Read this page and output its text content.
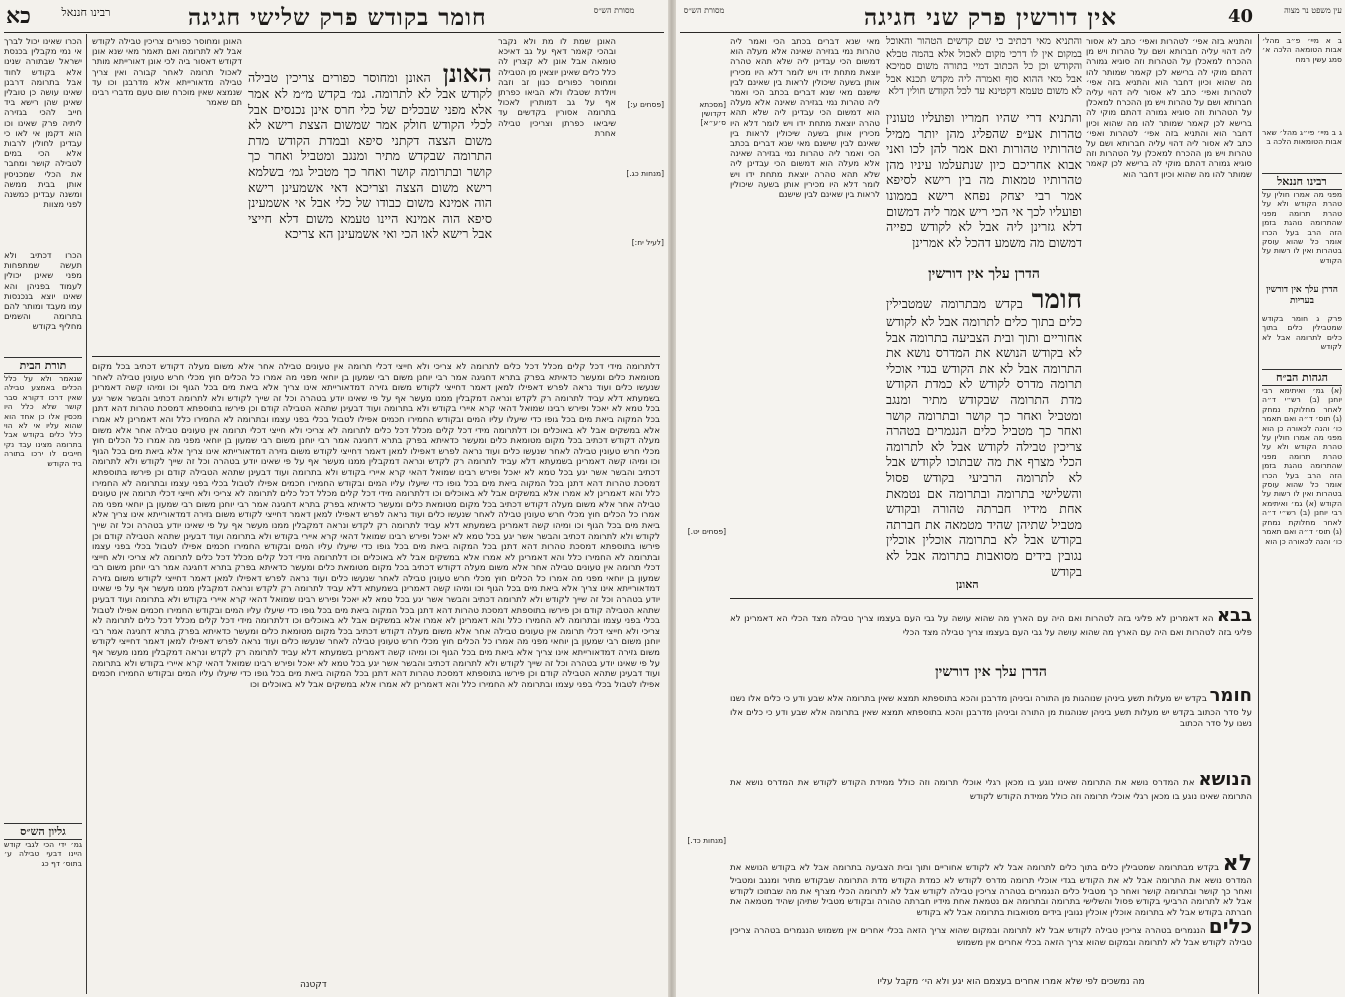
כא	רבינו חננאל	חומר בקודש פרק שלישי חגיגה	מסורת הש״ס
הכרו שאינו יכול לברך אי נמי מקבלין בכנסת ישראל שבתורה שנינו אלא בקודש לחוד אבל בתרומה דרבנן שאינו עושה כן טובלין שאינן שהן רישא ביד חייב להכי בגזירה ליתיה פרק שאינו וכו הוא דקמן אי לאו כי עבדינן לחולין לרבות אלא הכי במים לטבילה קושר ומחבר את הכלי שמכניסין אותן בבית ממשה ומשנה עבדינן כמשנה לפני מצוות
הכרו דכתיב ולא תעשה שמתפחות מפני שאינן יכולין לעמוד בפניהן והא שאינו יוצא בנכנסות עמו מעבד ומותר להם בתרומה והשמים מחליף בקודש
תורת הבית
שנאמר ולא על כלל הכלים באמצע טבילה שאין דרכו דקורא סבר קושר שלא כלל היו מכסין אלו כן אחד הוא שהוא עליו אי לא הוי כלל כלים בקודש אבל בתרומה מצינו עבד נקי חייבים לו ירכו בתורה ביד הקודש
גליון הש״ס
גמ׳ ידי הכי לגבי קודש היינו דבעי טבילה ע׳ בתוס׳ דף כג
האונן ומחוסר כפורים צריכין טבילה לקודש אבל לא לתרומה ואם תאמר מאי שנא אונן דקודש דאסור ביה לכי אונן דאורייתא מותר לאכול תרומה לאחר קבורה ואין צריך טבילה מדאורייתא אלא מדרבנן וכו עד שנמצא שאין מוכרח שום טעם מדברי רבינו תם שאמר
האונן האונן ומחוסר כפורים צריכין טבילה לקודש אבל לא לתרומה. גמ׳ בקדש מ״מ לא אמר אלא מפני שבכלים של כלי חרס אינן נכנסים אבל לכלי הקודש חולק אמר שמשום הצצת רישא לא משום הצצה דקתני סיפא ובמדת הקודש מדת התרומה שבקדש מתיר ומנגב ומטביל ואחר כך קושר ובתרומה קושר ואחר כך מטביל גמ׳ בשלמא רישא משום הצצה וצריכא דאי אשמעינן רישא הוה אמינא משום כבודו של כלי אבל אי אשמעינן סיפא הוה אמינא היינו טעמא משום דלא חייצי אבל רישא לאו הכי ואי אשמעינן הא צריכא
האונן שמת לו מת ולא נקבר ובהכי קאמר דאף על גב דאיכא טומאה אבל אונן לא קצרין לה כלל כלים שאינן יוצאין מן הטבילה ומחוסר כפורים כגון זב וזבה ויולדת שטבלו ולא הביאו כפרתן אף על גב דמותרין לאכול בתרומה אסורין בקדשים עד שיביאו כפרתן וצריכין טבילה אחרת
[פסחים ע:]
[מנחות כג.]
[לעיל יח:]
דלתרומה מידי דכל קלים מכלל דכל כלים לתרומה לא צריכי ולא חייצי דכלי תרומה אין טעונים טבילה אחר אלא משום מעלה דקודש דכתיב בכל מקום מטומאת כלים ומעשר כדאיתא בפרק בתרא דחגיגה אמר רבי יוחנן משום רבי שמעון בן יוחאי מפני מה אמרו כל הכלים חוץ מכלי חרש טעונין טבילה לאחר שנעשו כלים ועוד נראה לפרש דאפילו למאן דאמר דחייצי לקודש משום גזירה דמדאורייתא אינו צריך אלא ביאת מים בכל הגוף וכו ומיהו קשה דאמרינן בשמעתא דלא עביד לתרומה רק לקדש ונראה דמקבלין ממנו מעשר אף על פי שאינו יודע בטהרה וכל זה שייך לקודש ולא לתרומה דכתיב והבשר אשר יגע בכל טמא לא יאכל ופירש רבינו שמואל דהאי קרא איירי בקודש ולא בתרומה ועוד דבעינן שתהא הטבילה קודם וכן פירשו בתוספתא דמסכת טהרות דהא דתנן בכל המקוה ביאת מים בכל גופו כדי שיעלו עליו המים ובקודש החמירו חכמים אפילו לטבול בכלי בפני עצמו ובתרומה לא החמירו כלל והא דאמרינן לא אמרו אלא במשקים אבל לא באוכלים וכו דלתרומה מידי דכל קלים מכלל דכל כלים לתרומה לא צריכי ולא חייצי דכלי תרומה אין טעונים טבילה אחר אלא משום מעלה דקודש דכתיב בכל מקום מטומאת כלים ומעשר כדאיתא בפרק בתרא דחגיגה אמר רבי יוחנן משום רבי שמעון בן יוחאי מפני מה אמרו כל הכלים חוץ מכלי חרש טעונין טבילה לאחר שנעשו כלים ועוד נראה לפרש דאפילו למאן דאמר דחייצי לקודש משום גזירה דמדאורייתא אינו צריך אלא ביאת מים בכל הגוף וכו ומיהו קשה דאמרינן בשמעתא דלא עביד לתרומה רק לקדש ונראה דמקבלין ממנו מעשר אף על פי שאינו יודע בטהרה וכל זה שייך לקודש ולא לתרומה דכתיב והבשר אשר יגע בכל טמא לא יאכל ופירש רבינו שמואל דהאי קרא איירי בקודש ולא בתרומה ועוד דבעינן שתהא הטבילה קודם וכן פירשו בתוספתא דמסכת טהרות דהא דתנן בכל המקוה ביאת מים בכל גופו כדי שיעלו עליו המים ובקודש החמירו חכמים אפילו לטבול בכלי בפני עצמו ובתרומה לא החמירו כלל והא דאמרינן לא אמרו אלא במשקים אבל לא באוכלים וכו דלתרומה מידי דכל קלים מכלל דכל כלים לתרומה לא צריכי ולא חייצי דכלי תרומה אין טעונים טבילה אחר אלא משום מעלה דקודש דכתיב בכל מקום מטומאת כלים ומעשר כדאיתא בפרק בתרא דחגיגה אמר רבי יוחנן משום רבי שמעון בן יוחאי מפני מה אמרו כל הכלים חוץ מכלי חרש טעונין טבילה לאחר שנעשו כלים ועוד נראה לפרש דאפילו למאן דאמר דחייצי לקודש משום גזירה דמדאורייתא אינו צריך אלא ביאת מים בכל הגוף וכו ומיהו קשה דאמרינן בשמעתא דלא עביד לתרומה רק לקדש ונראה דמקבלין ממנו מעשר אף על פי שאינו יודע בטהרה וכל זה שייך לקודש ולא לתרומה דכתיב והבשר אשר יגע בכל טמא לא יאכל ופירש רבינו שמואל דהאי קרא איירי בקודש ולא בתרומה ועוד דבעינן שתהא הטבילה קודם וכן פירשו בתוספתא דמסכת טהרות דהא דתנן בכל המקוה ביאת מים בכל גופו כדי שיעלו עליו המים ובקודש החמירו חכמים אפילו לטבול בכלי בפני עצמו ובתרומה לא החמירו כלל והא דאמרינן לא אמרו אלא במשקים אבל לא באוכלים וכו דלתרומה מידי דכל קלים מכלל דכל כלים לתרומה לא צריכי ולא חייצי דכלי תרומה אין טעונים טבילה אחר אלא משום מעלה דקודש דכתיב בכל מקום מטומאת כלים ומעשר כדאיתא בפרק בתרא דחגיגה אמר רבי יוחנן משום רבי שמעון בן יוחאי מפני מה אמרו כל הכלים חוץ מכלי חרש טעונין טבילה לאחר שנעשו כלים ועוד נראה לפרש דאפילו למאן דאמר דחייצי לקודש משום גזירה דמדאורייתא אינו צריך אלא ביאת מים בכל הגוף וכו ומיהו קשה דאמרינן בשמעתא דלא עביד לתרומה רק לקדש ונראה דמקבלין ממנו מעשר אף על פי שאינו יודע בטהרה וכל זה שייך לקודש ולא לתרומה דכתיב והבשר אשר יגע בכל טמא לא יאכל ופירש רבינו שמואל דהאי קרא איירי בקודש ולא בתרומה ועוד דבעינן שתהא הטבילה קודם וכן פירשו בתוספתא דמסכת טהרות דהא דתנן בכל המקוה ביאת מים בכל גופו כדי שיעלו עליו המים ובקודש החמירו חכמים אפילו לטבול בכלי בפני עצמו ובתרומה לא החמירו כלל והא דאמרינן לא אמרו אלא במשקים אבל לא באוכלים וכו דלתרומה מידי דכל קלים מכלל דכל כלים לתרומה לא צריכי ולא חייצי דכלי תרומה אין טעונים טבילה אחר אלא משום מעלה דקודש דכתיב בכל מקום מטומאת כלים ומעשר כדאיתא בפרק בתרא דחגיגה אמר רבי יוחנן משום רבי שמעון בן יוחאי מפני מה אמרו כל הכלים חוץ מכלי חרש טעונין טבילה לאחר שנעשו כלים ועוד נראה לפרש דאפילו למאן דאמר דחייצי לקודש משום גזירה דמדאורייתא אינו צריך אלא ביאת מים בכל הגוף וכו ומיהו קשה דאמרינן בשמעתא דלא עביד לתרומה רק לקדש ונראה דמקבלין ממנו מעשר אף על פי שאינו יודע בטהרה וכל זה שייך לקודש ולא לתרומה דכתיב והבשר אשר יגע בכל טמא לא יאכל ופירש רבינו שמואל דהאי קרא איירי בקודש ולא בתרומה ועוד דבעינן שתהא הטבילה קודם וכן פירשו בתוספתא דמסכת טהרות דהא דתנן בכל המקוה ביאת מים בכל גופו כדי שיעלו עליו המים ובקודש החמירו חכמים אפילו לטבול בכלי בפני עצמו ובתרומה לא החמירו כלל והא דאמרינן לא אמרו אלא במשקים אבל לא באוכלים וכו
דקטנה
מסורת הש״ס	אין דורשין פרק שני חגיגה	40	עין משפט נר מצוה
ב א מיי׳ פ״ב מהל׳ אבות הטומאה הלכה א׳ סמג עשין רמח
ג ב מיי׳ פי״ג מהל׳ שאר אבות הטומאות הלכה ב
רבינו חננאל
מפני מה אמרו חולין על טהרת הקודש ולא על טהרת תרומה מפני שהתרומה נוהגת בזמן הזה הרב בעל הכרו אומר כל שהוא עוסק בטהרות ואין לו רשות על הקודש
הדרן עלך אין דורשין בעריות
פרק ג חומר בקודש שמטבילין כלים בתוך כלים לתרומה אבל לא לקודש
הגהות הב״ח
(א) גמ׳ ואיתימא רבי יוחנן (ב) רש״י ד״ה לאחר מחלוקת נמחק (ג) תוס׳ ד״ה ואם תאמר כו׳ והנה לכאורה כן הוא מפני מה אמרו חולין על טהרת הקודש ולא על טהרת תרומה מפני שהתרומה נוהגת בזמן הזה הרב בעל הכרו אומר כל שהוא עוסק בטהרות ואין לו רשות על הקודש (א) גמ׳ ואיתימא רבי יוחנן (ב) רש״י ד״ה לאחר מחלוקת נמחק (ג) תוס׳ ד״ה ואם תאמר כו׳ והנה לכאורה כן הוא
והתניא בזה אפי׳ לטהרות ואפי׳ כתב לא אסור ליה דהוי עליה חברותא ושם על טהרות ויש מן ההכרח למאכלן על הטהרות וזה סוגיא גמורה דהתם מוקי לה ברישא לכן קאמר שמותר להו מה שהוא וכיון דחבר הוא והתניא בזה אפי׳ לטהרות ואפי׳ כתב לא אסור ליה דהוי עליה חברותא ושם על טהרות ויש מן ההכרח למאכלן על הטהרות וזה סוגיא גמורה דהתם מוקי לה ברישא לכן קאמר שמותר להו מה שהוא וכיון דחבר הוא והתניא בזה אפי׳ לטהרות ואפי׳ כתב לא אסור ליה דהוי עליה חברותא ושם על טהרות ויש מן ההכרח למאכלן על הטהרות וזה סוגיא גמורה דהתם מוקי לה ברישא לכן קאמר שמותר להו מה שהוא וכיון דחבר הוא
מאי שנא דברים בכתב הכי ואמר ליה טהרות נמי בגזירה שאינה אלא מעלה הוא דמשום הכי עבדינן ליה שלא תהא טהרה יוצאת מתחת ידו ויש לומר דלא היו מכירין אותן בשעה שיכולין לראות בין שאינם לבין שישנם מאי שנא דברים בכתב הכי ואמר ליה טהרות נמי בגזירה שאינה אלא מעלה הוא דמשום הכי עבדינן ליה שלא תהא טהרה יוצאת מתחת ידו ויש לומר דלא היו מכירין אותן בשעה שיכולין לראות בין שאינם לבין שישנם מאי שנא דברים בכתב הכי ואמר ליה טהרות נמי בגזירה שאינה אלא מעלה הוא דמשום הכי עבדינן ליה שלא תהא טהרה יוצאת מתחת ידו ויש לומר דלא היו מכירין אותן בשעה שיכולין לראות בין שאינם לבין שישנם
[מסכתא דקדושין ס׳ע״א]
[פסחים יט.]
[מנחות כד.]
והתניא מאי דכתיב כי שם קדשים הטהור והאוכל במקום אין לו דרכי מקום לאכול אלא בהמה טבלא והקודש וכן כל הכתוב דמיי בתורה משום סמיכא אבל מאי ההוא סוף ואמרה ליה מקדש תכנא אבל לא משום טעמא דקטינא עד לכל הקודש חולין דלא
והתניא דרי שהיו חמריו ופועליו טעונין טהרות אע״פ שהפליג מהן יותר ממיל טהרותיו טהורות ואם אמר להן לכו ואני אבוא אחריכם כיון שנתעלמו עיניו מהן טהרותיו טמאות מה בין רישא לסיפא אמר רבי יצחק נפחא רישא בממונו ופועליו לכך אי הכי ריש אמר ליה דמשום דלא גזרינן ליה אבל לא לקודש כפייה דמשום מה משמע דהכל לא אמרינן
הדרן עלך אין דורשין
חומר בקדש מבתרומה שמטבילין כלים בתוך כלים לתרומה אבל לא לקודש אחוריים ותוך ובית הצביעה בתרומה אבל לא בקודש הנושא את המדרס נושא את התרומה אבל לא את הקודש בגדי אוכלי תרומה מדרס לקודש לא כמדת הקודש מדת התרומה שבקודש מתיר ומנגב ומטביל ואחר כך קושר ובתרומה קושר ואחר כך מטביל כלים הנגמרים בטהרה צריכין טבילה לקודש אבל לא לתרומה הכלי מצרף את מה שבתוכו לקודש אבל לא לתרומה הרביעי בקודש פסול והשלישי בתרומה ובתרומה אם נטמאת אחת מידיו חברתה טהורה ובקודש מטביל שתיהן שהיד מטמאה את חברתה בקודש אבל לא בתרומה אוכלין אוכלין נגובין בידים מסואבות בתרומה אבל לא בקודש
האונן
בבא הא דאמרינן לא פליגי בזה לטהרות ואם היה עם הארץ מה שהוא עושה על גבי העם בעצמו צריך טבילה מצד הכלי הא דאמרינן לא פליגי בזה לטהרות ואם היה עם הארץ מה שהוא עושה על גבי העם בעצמו צריך טבילה מצד הכלי
הדרן עלך אין דורשין
חומר בקדש יש מעלות תשע ביניהן שנוהגות מן התורה וביניהן מדרבנן והכא בתוספתא תמצא שאין בתרומה אלא שבע ודע כי כלים אלו נשנו על סדר הכתוב בקדש יש מעלות תשע ביניהן שנוהגות מן התורה וביניהן מדרבנן והכא בתוספתא תמצא שאין בתרומה אלא שבע ודע כי כלים אלו נשנו על סדר הכתוב
הנושא את המדרס נושא את התרומה שאינו נוגע בו מכאן רגלי אוכלי תרומה וזה כולל ממידת הקודש לקודש את המדרס נושא את התרומה שאינו נוגע בו מכאן רגלי אוכלי תרומה וזה כולל ממידת הקודש לקודש
לא בקדש מבתרומה שמטבילין כלים בתוך כלים לתרומה אבל לא לקודש אחוריים ותוך ובית הצביעה בתרומה אבל לא בקודש הנושא את המדרס נושא את התרומה אבל לא את הקודש בגדי אוכלי תרומה מדרס לקודש לא כמדת הקודש מדת התרומה שבקודש מתיר ומנגב ומטביל ואחר כך קושר ובתרומה קושר ואחר כך מטביל כלים הנגמרים בטהרה צריכין טבילה לקודש אבל לא לתרומה הכלי מצרף את מה שבתוכו לקודש אבל לא לתרומה הרביעי בקודש פסול והשלישי בתרומה ובתרומה אם נטמאת אחת מידיו חברתה טהורה ובקודש מטביל שתיהן שהיד מטמאה את חברתה בקודש אבל לא בתרומה אוכלין אוכלין נגובין בידים מסואבות בתרומה אבל לא בקודש
כלים הנגמרים בטהרה צריכין טבילה לקודש אבל לא לתרומה ובמקום שהוא צריך הזאה בכלי אחרים אין משמוש הנגמרים בטהרה צריכין טבילה לקודש אבל לא לתרומה ובמקום שהוא צריך הזאה בכלי אחרים אין משמוש
מה נמשכים לפי שלא אמרו אחרים בעצמם הוא יגע ולא הי׳ מקבל עליו
